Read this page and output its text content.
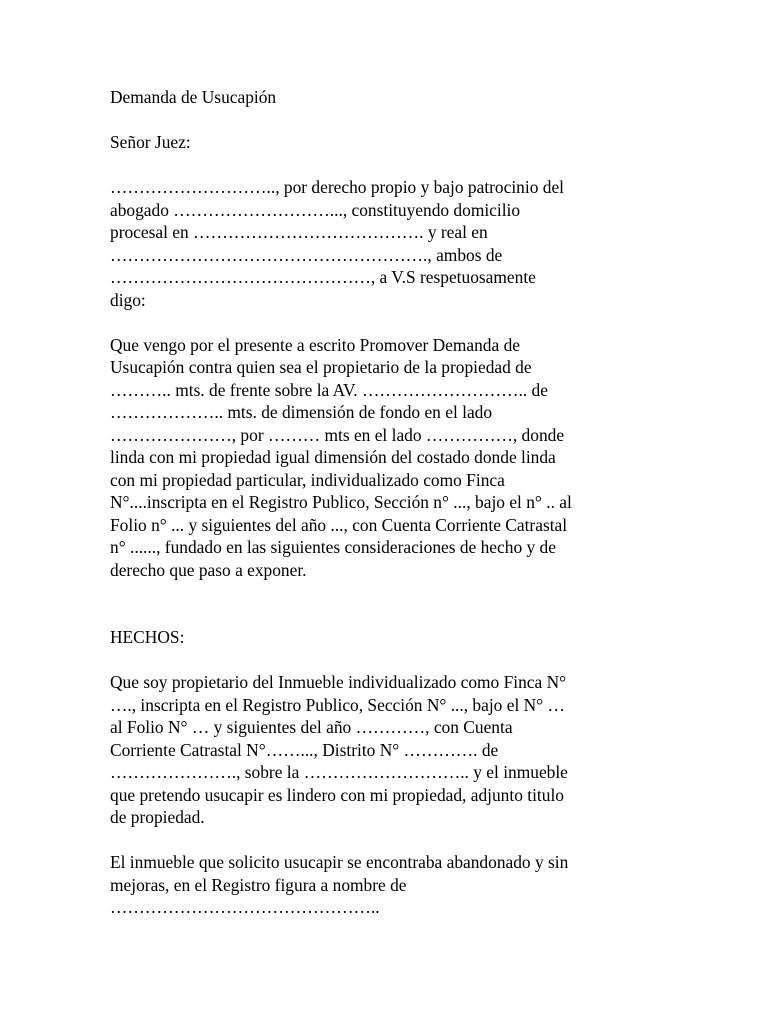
Demanda de Usucapión
Señor Juez:
……………………….., por derecho propio y bajo patrocinio del
abogado ………………………..., constituyendo domicilio
procesal en …………………………………. y real en
………………………………………………., ambos de
………………………………………, a V.S respetuosamente
digo:
Que vengo por el presente a escrito Promover Demanda de
Usucapión contra quien sea el propietario de la propiedad de
……….. mts. de frente sobre la AV. ……………………….. de
……………….. mts. de dimensión de fondo en el lado
…………………, por ……… mts en el lado ……………, donde
linda con mi propiedad igual dimensión del costado donde linda
con mi propiedad particular, individualizado como Finca
N°....inscripta en el Registro Publico, Sección n° ..., bajo el n° .. al
Folio n° ... y siguientes del año ..., con Cuenta Corriente Catrastal
n° ......, fundado en las siguientes consideraciones de hecho y de
derecho que paso a exponer.
HECHOS:
Que soy propietario del Inmueble individualizado como Finca N°
…., inscripta en el Registro Publico, Sección N° ..., bajo el N° …
al Folio N° … y siguientes del año …………, con Cuenta
Corriente Catrastal N°……..., Distrito N° …………. de
…………………., sobre la ……………………….. y el inmueble
que pretendo usucapir es lindero con mi propiedad, adjunto titulo
de propiedad.
El inmueble que solicito usucapir se encontraba abandonado y sin
mejoras, en el Registro figura a nombre de
………………………………………..
